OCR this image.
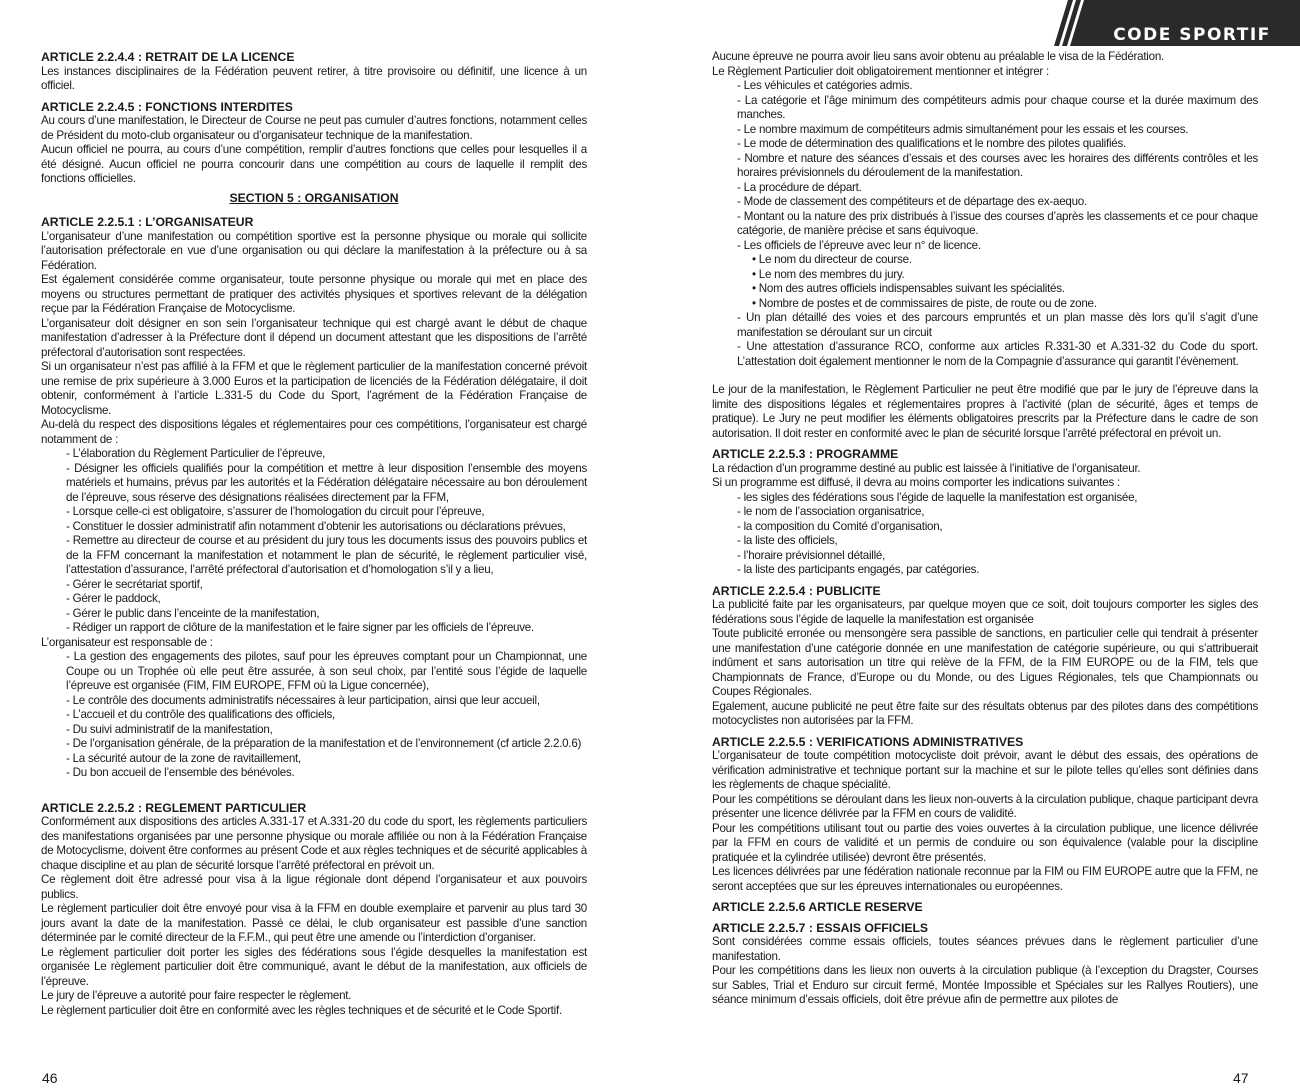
ARTICLE 2.2.4.4 : RETRAIT DE LA LICENCE
Les instances disciplinaires de la Fédération peuvent retirer, à titre provisoire ou définitif, une licence à un officiel.
ARTICLE 2.2.4.5 : FONCTIONS INTERDITES
Au cours d’une manifestation, le Directeur de Course ne peut pas cumuler d’autres fonctions, notamment celles de Président du moto-club organisateur ou d’organisateur technique de la manifestation.
Aucun officiel ne pourra, au cours d’une compétition, remplir d’autres fonctions que celles pour lesquelles il a été désigné. Aucun officiel ne pourra concourir dans une compétition au cours de laquelle il remplit des fonctions officielles.
SECTION 5 : ORGANISATION
ARTICLE 2.2.5.1 : L’ORGANISATEUR
L’organisateur d’une manifestation ou compétition sportive est la personne physique ou morale qui sollicite l’autorisation préfectorale en vue d’une organisation ou qui déclare la manifestation à la préfecture ou à sa Fédération.
Est également considérée comme organisateur, toute personne physique ou morale qui met en place des moyens ou structures permettant de pratiquer des activités physiques et sportives relevant de la délégation reçue par la Fédération Française de Motocyclisme.
L’organisateur doit désigner en son sein l’organisateur technique qui est chargé avant le début de chaque manifestation d’adresser à la Préfecture dont il dépend un document attestant que les dispositions de l’arrêté préfectoral d’autorisation sont respectées.
Si un organisateur n’est pas affilié à la FFM et que le règlement particulier de la manifestation concerné prévoit une remise de prix supérieure à 3.000 Euros et la participation de licenciés de la Fédération délégataire, il doit obtenir, conformément à l’article L.331-5 du Code du Sport, l’agrément de la Fédération Française de Motocyclisme.
Au-delà du respect des dispositions légales et réglementaires pour ces compétitions, l’organisateur est chargé notamment de :
- L’élaboration du Règlement Particulier de l’épreuve,
- Désigner les officiels qualifiés pour la compétition et mettre à leur disposition l’ensemble des moyens matériels et humains, prévus par les autorités et la Fédération délégataire nécessaire au bon déroulement de l’épreuve, sous réserve des désignations réalisées directement par la FFM,
- Lorsque celle-ci est obligatoire, s’assurer de l’homologation du circuit pour l’épreuve,
- Constituer le dossier administratif afin notamment d’obtenir les autorisations ou déclarations prévues,
- Remettre au directeur de course et au président du jury tous les documents issus des pouvoirs publics et de la FFM concernant la manifestation et notamment le plan de sécurité, le règlement particulier visé, l’attestation d’assurance, l’arrêté préfectoral d’autorisation et d’homologation s’il y a lieu,
- Gérer le secrétariat sportif,
- Gérer le paddock,
- Gérer le public dans l’enceinte de la manifestation,
- Rédiger un rapport de clôture de la manifestation et le faire signer par les officiels de l’épreuve.
L’organisateur est responsable de :
- La gestion des engagements des pilotes, sauf pour les épreuves comptant pour un Championnat, une Coupe ou un Trophée où elle peut être assurée, à son seul choix, par l’entité sous l’égide de laquelle l’épreuve est organisée (FIM, FIM EUROPE, FFM où la Ligue concernée),
- Le contrôle des documents administratifs nécessaires à leur participation, ainsi que leur accueil,
- L’accueil et du contrôle des qualifications des officiels,
- Du suivi administratif de la manifestation,
- De l’organisation générale, de la préparation de la manifestation et de l’environnement (cf article 2.2.0.6)
- La sécurité autour de la zone de ravitaillement,
- Du bon accueil de l’ensemble des bénévoles.
ARTICLE 2.2.5.2 : REGLEMENT PARTICULIER
Conformément aux dispositions des articles A.331-17 et A.331-20 du code du sport, les règlements particuliers des manifestations organisées par une personne physique ou morale affiliée ou non à la Fédération Française de Motocyclisme, doivent être conformes au présent Code et aux règles techniques et de sécurité applicables à chaque discipline et au plan de sécurité lorsque l’arrêté préfectoral en prévoit un.
Ce règlement doit être adressé pour visa à la ligue régionale dont dépend l’organisateur et aux pouvoirs publics.
Le règlement particulier doit être envoyé pour visa à la FFM en double exemplaire et parvenir au plus tard 30 jours avant la date de la manifestation. Passé ce délai, le club organisateur est passible d’une sanction déterminée par le comité directeur de la F.F.M., qui peut être une amende ou l’interdiction d’organiser.
Le règlement particulier doit porter les sigles des fédérations sous l’égide desquelles la manifestation est organisée Le règlement particulier doit être communiqué, avant le début de la manifestation, aux officiels de l’épreuve.
Le jury de l’épreuve a autorité pour faire respecter le règlement.
Le règlement particulier doit être en conformité avec les règles techniques et de sécurité et le Code Sportif.
46
CODE SPORTIF
Aucune épreuve ne pourra avoir lieu sans avoir obtenu au préalable le visa de la Fédération.
Le Règlement Particulier doit obligatoirement mentionner et intégrer :
- Les véhicules et catégories admis.
- La catégorie et l’âge minimum des compétiteurs admis pour chaque course et la durée maximum des manches.
- Le nombre maximum de compétiteurs admis simultanément pour les essais et les courses.
- Le mode de détermination des qualifications et le nombre des pilotes qualifiés.
- Nombre et nature des séances d’essais et des courses avec les horaires des différents contrôles et les horaires prévisionnels du déroulement de la manifestation.
- La procédure de départ.
- Mode de classement des compétiteurs et de départage des ex-aequo.
- Montant ou la nature des prix distribués à l’issue des courses d’après les classements et ce pour chaque catégorie, de manière précise et sans équivoque.
- Les officiels de l’épreuve avec leur n° de licence.
• Le nom du directeur de course.
• Le nom des membres du jury.
• Nom des autres officiels indispensables suivant les spécialités.
• Nombre de postes et de commissaires de piste, de route ou de zone.
- Un plan détaillé des voies et des parcours empruntés et un plan masse dès lors qu’il s’agit d’une manifestation se déroulant sur un circuit
- Une attestation d’assurance RCO, conforme aux articles R.331-30 et A.331-32 du Code du sport. L’attestation doit également mentionner le nom de la Compagnie d’assurance qui garantit l’évènement.
Le jour de la manifestation, le Règlement Particulier ne peut être modifié que par le jury de l’épreuve dans la limite des dispositions légales et réglementaires propres à l’activité (plan de sécurité, âges et temps de pratique). Le Jury ne peut modifier les éléments obligatoires prescrits par la Préfecture dans le cadre de son autorisation. Il doit rester en conformité avec le plan de sécurité lorsque l’arrêté préfectoral en prévoit un.
ARTICLE 2.2.5.3 : PROGRAMME
La rédaction d’un programme destiné au public est laissée à l’initiative de l’organisateur.
Si un programme est diffusé, il devra au moins comporter les indications suivantes :
- les sigles des fédérations sous l’égide de laquelle la manifestation est organisée,
- le nom de l’association organisatrice,
- la composition du Comité d’organisation,
- la liste des officiels,
- l’horaire prévisionnel détaillé,
- la liste des participants engagés, par catégories.
ARTICLE 2.2.5.4 : PUBLICITE
La publicité faite par les organisateurs, par quelque moyen que ce soit, doit toujours comporter les sigles des fédérations sous l’égide de laquelle la manifestation est organisée
Toute publicité erronée ou mensongère sera passible de sanctions, en particulier celle qui tendrait à présenter une manifestation d’une catégorie donnée en une manifestation de catégorie supérieure, ou qui s’attribuerait indûment et sans autorisation un titre qui relève de la FFM, de la FIM EUROPE ou de la FIM, tels que Championnats de France, d’Europe ou du Monde, ou des Ligues Régionales, tels que Championnats ou Coupes Régionales.
Egalement, aucune publicité ne peut être faite sur des résultats obtenus par des pilotes dans des compétitions motocyclistes non autorisées par la FFM.
ARTICLE 2.2.5.5 : VERIFICATIONS ADMINISTRATIVES
L’organisateur de toute compétition motocycliste doit prévoir, avant le début des essais, des opérations de vérification administrative et technique portant sur la machine et sur le pilote telles qu’elles sont définies dans les règlements de chaque spécialité.
Pour les compétitions se déroulant dans les lieux non-ouverts à la circulation publique, chaque participant devra présenter une licence délivrée par la FFM en cours de validité.
Pour les compétitions utilisant tout ou partie des voies ouvertes à la circulation publique, une licence délivrée par la FFM en cours de validité et un permis de conduire ou son équivalence (valable pour la discipline pratiquée et la cylindrée utilisée) devront être présentés.
Les licences délivrées par une fédération nationale reconnue par la FIM ou FIM EUROPE autre que la FFM, ne seront acceptées que sur les épreuves internationales ou européennes.
ARTICLE 2.2.5.6 ARTICLE RESERVE
ARTICLE 2.2.5.7 : ESSAIS OFFICIELS
Sont considérées comme essais officiels, toutes séances prévues dans le règlement particulier d’une manifestation.
Pour les compétitions dans les lieux non ouverts à la circulation publique (à l’exception du Dragster, Courses sur Sables, Trial et Enduro sur circuit fermé, Montée Impossible et Spéciales sur les Rallyes Routiers), une séance minimum d’essais officiels, doit être prévue afin de permettre aux pilotes de
47
